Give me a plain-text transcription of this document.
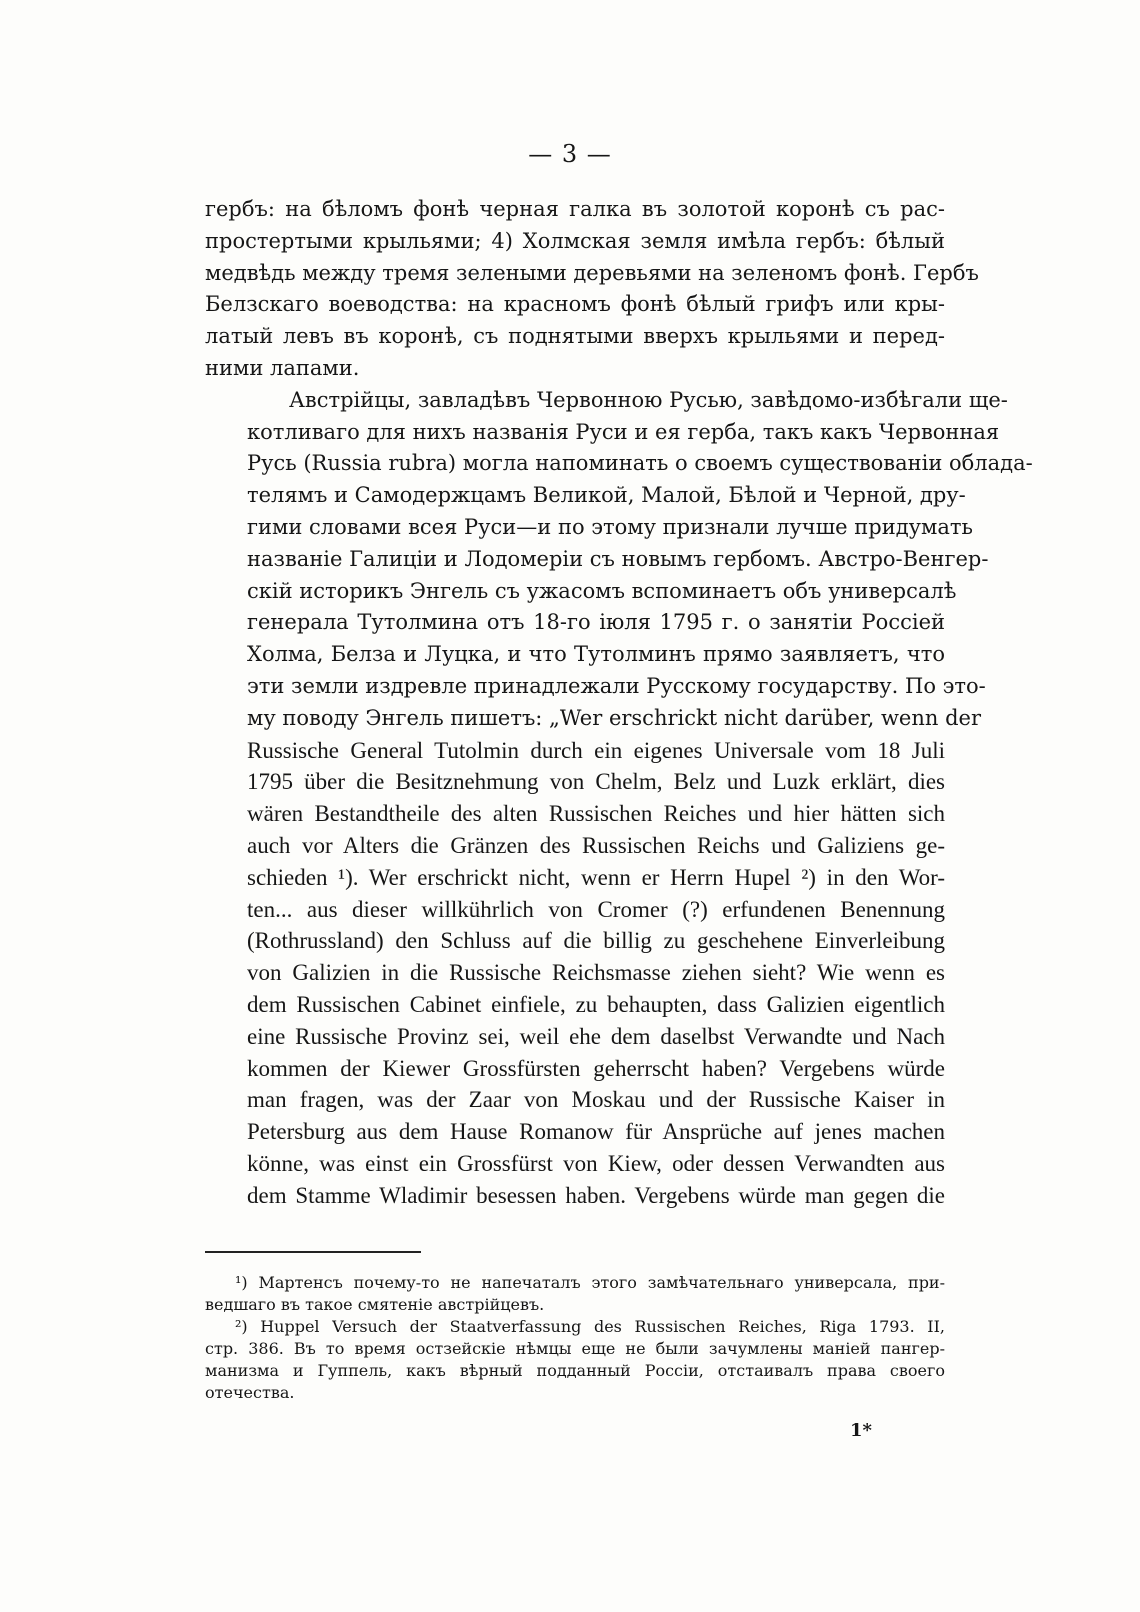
— 3 —
гербъ: на бѣломъ фонѣ черная галка въ золотой коронѣ съ рас-
простертыми крыльями; 4) Холмская земля имѣла гербъ: бѣлый
медвѣдь между тремя зелеными деревьями на зеленомъ фонѣ. Гербъ
Белзскаго воеводства: на красномъ фонѣ бѣлый грифъ или кры-
латый левъ въ коронѣ, съ поднятыми вверхъ крыльями и перед-
ними лапами.
Австрійцы, завладѣвъ Червонною Русью, завѣдомо-избѣгали ще-
котливаго для нихъ названія Руси и ея герба, такъ какъ Червонная
Русь (Russia rubra) могла напоминать о своемъ существованіи облада-
телямъ и Самодержцамъ Великой, Малой, Бѣлой и Черной, дру-
гими словами всея Руси—и по этому признали лучше придумать
названіе Галиціи и Лодомеріи съ новымъ гербомъ. Австро-Венгер-
скій историкъ Энгель съ ужасомъ вспоминаетъ объ универсалѣ
генерала Тутолмина отъ 18-го іюля 1795 г. о занятіи Россіей
Холма, Белза и Луцка, и что Тутолминъ прямо заявляетъ, что
эти земли издревле принадлежали Русскому государству. По это-
му поводу Энгель пишетъ: „Wer erschrickt nicht darüber, wenn der
Russische General Tutolmin durch ein eigenes Universale vom 18 Juli
1795 über die Besitznehmung von Chelm, Belz und Luzk erklärt, dies
wären Bestandtheile des alten Russischen Reiches und hier hätten sich
auch vor Alters die Gränzen des Russischen Reichs und Galiziens ge-
schieden ¹). Wer erschrickt nicht, wenn er Herrn Hupel ²) in den Wor-
ten... aus dieser willkührlich von Cromer (?) erfundenen Benennung
(Rothrussland) den Schluss auf die billig zu geschehene Einverleibung
von Galizien in die Russische Reichsmasse ziehen sieht? Wie wenn es
dem Russischen Cabinet einfiele, zu behaupten, dass Galizien eigentlich
eine Russische Provinz sei, weil ehe dem daselbst Verwandte und Nach
kommen der Kiewer Grossfürsten geherrscht haben? Vergebens würde
man fragen, was der Zaar von Moskau und der Russische Kaiser in
Petersburg aus dem Hause Romanow für Ansprüche auf jenes machen
könne, was einst ein Grossfürst von Kiew, oder dessen Verwandten aus
dem Stamme Wladimir besessen haben. Vergebens würde man gegen die
¹) Мартенсъ почему-то не напечаталъ этого замѣчательнаго универсала, при-
ведшаго въ такое смятеніе австрійцевъ.
²) Huppel Versuch der Staatverfassung des Russischen Reiches, Riga 1793. II,
стр. 386. Въ то время остзейскіе нѣмцы еще не были зачумлены маніей пангер-
манизма и Гуппель, какъ вѣрный подданный Россіи, отстаивалъ права своего
отечества.
1*
